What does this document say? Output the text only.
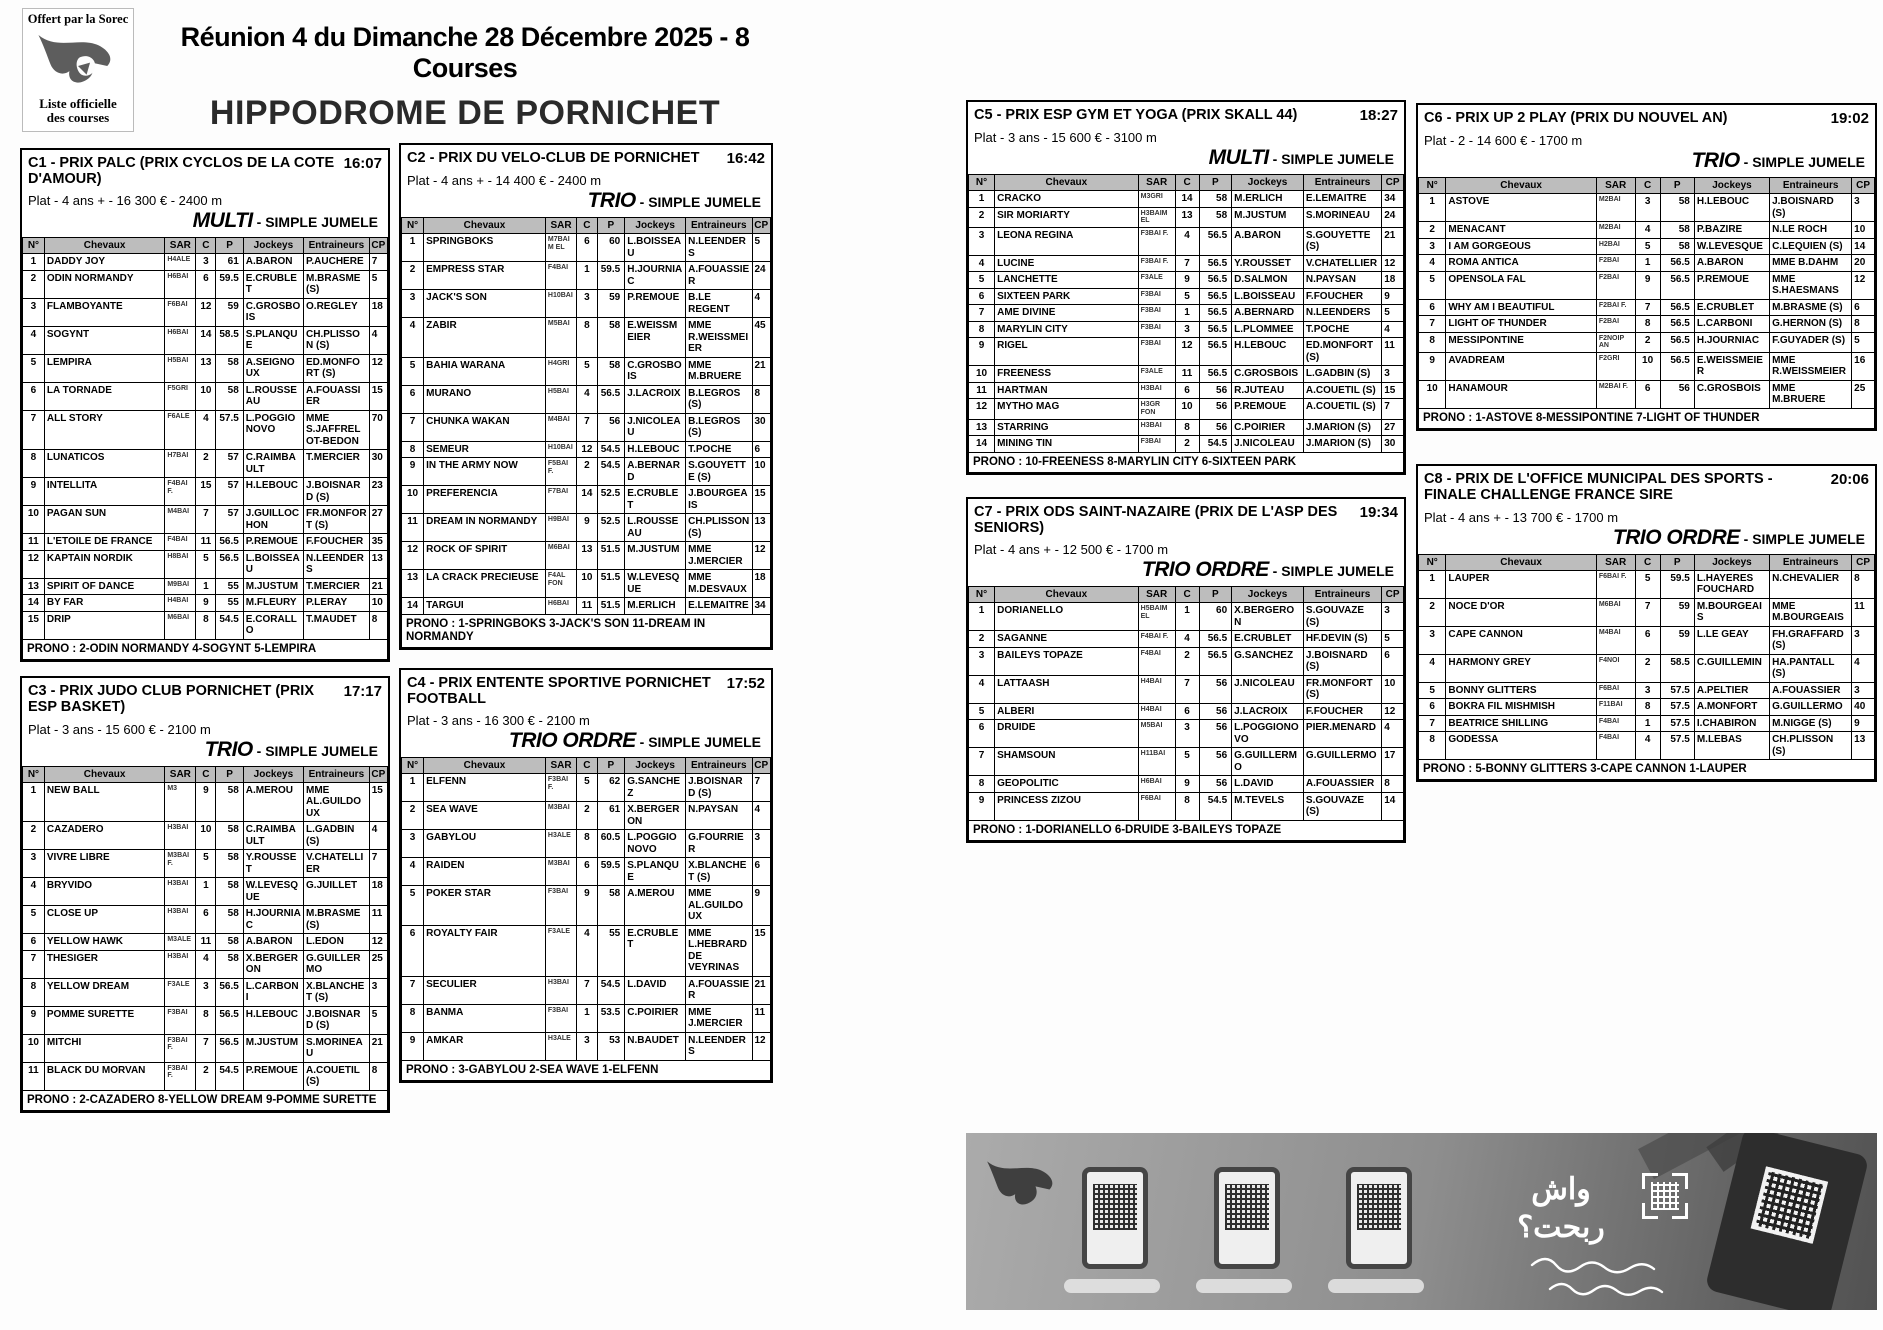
Offert par la Sorec
Liste officielle
des courses
Réunion 4 du Dimanche 28 Décembre 2025 - 8 Courses
HIPPODROME DE PORNICHET
C1 - PRIX PALC (PRIX CYCLOS DE LA COTE D'AMOUR)
16:07
Plat - 4 ans + - 16 300 € - 2400 m
MULTI - SIMPLE JUMELE
N°	Chevaux	SAR	C	P	Jockeys	Entraineurs	CP
1	DADDY JOY	H4ALE	3	61	A.BARON	P.AUCHERE	7
2	ODIN NORMANDY	H6BAI	6	59.5	E.CRUBLET	M.BRASME (S)	5
3	FLAMBOYANTE	F6BAI	12	59	C.GROSBOIS	O.REGLEY	18
4	SOGYNT	H6BAI	14	58.5	S.PLANQUE	CH.PLISSON (S)	4
5	LEMPIRA	H5BAI	13	58	A.SEIGNOUX	ED.MONFORT (S)	12
6	LA TORNADE	F5GRI	10	58	L.ROUSSEAU	A.FOUASSIER	15
7	ALL STORY	F6ALE	4	57.5	L.POGGIONOVO	MME S.JAFFRELOT-BEDON	70
8	LUNATICOS	H7BAI	2	57	C.RAIMBAULT	T.MERCIER	30
9	INTELLITA	F4BAI F.	15	57	H.LEBOUC	J.BOISNARD (S)	23
10	PAGAN SUN	M4BAI	7	57	J.GUILLOCHON	FR.MONFORT (S)	27
11	L'ETOILE DE FRANCE	F4BAI	11	56.5	P.REMOUE	F.FOUCHER	35
12	KAPTAIN NORDIK	H8BAI	5	56.5	L.BOISSEAU	N.LEENDERS	13
13	SPIRIT OF DANCE	M9BAI	1	55	M.JUSTUM	T.MERCIER	21
14	BY FAR	H4BAI	9	55	M.FLEURY	P.LERAY	10
15	DRIP	M6BAI	8	54.5	E.CORALLO	T.MAUDET	8
PRONO : 2-ODIN NORMANDY 4-SOGYNT 5-LEMPIRA							
C3 - PRIX JUDO CLUB PORNICHET (PRIX ESP BASKET)
17:17
Plat - 3 ans - 15 600 € - 2100 m
TRIO - SIMPLE JUMELE
N°	Chevaux	SAR	C	P	Jockeys	Entraineurs	CP
1	NEW BALL	M3	9	58	A.MEROU	MME AL.GUILDOUX	15
2	CAZADERO	H3BAI	10	58	C.RAIMBAULT	L.GADBIN (S)	4
3	VIVRE LIBRE	M3BAI F.	5	58	Y.ROUSSET	V.CHATELLIER	7
4	BRYVIDO	H3BAI	1	58	W.LEVESQUE	G.JUILLET	18
5	CLOSE UP	H3BAI	6	58	H.JOURNIAC	M.BRASME (S)	11
6	YELLOW HAWK	M3ALE	11	58	A.BARON	L.EDON	12
7	THESIGER	H3BAI	4	58	X.BERGERON	G.GUILLERMO	25
8	YELLOW DREAM	F3ALE	3	56.5	L.CARBONI	X.BLANCHET (S)	3
9	POMME SURETTE	F3BAI	8	56.5	H.LEBOUC	J.BOISNARD (S)	5
10	MITCHI	F3BAI F.	7	56.5	M.JUSTUM	S.MORINEAU	21
11	BLACK DU MORVAN	F3BAI F.	2	54.5	P.REMOUE	A.COUETIL (S)	8
PRONO : 2-CAZADERO 8-YELLOW DREAM 9-POMME SURETTE							
C2 - PRIX DU VELO-CLUB DE PORNICHET	16:42
Plat - 4 ans + - 14 400 € - 2400 m
TRIO - SIMPLE JUMELE
N°	Chevaux	SAR	C	P	Jockeys	Entraineurs	CP
1	SPRINGBOKS	M7BAIM EL	6	60	L.BOISSEAU	N.LEENDERS	5
2	EMPRESS STAR	F4BAI	1	59.5	H.JOURNIAC	A.FOUASSIER	24
3	JACK'S SON	H10BAI	3	59	P.REMOUE	B.LE REGENT	4
4	ZABIR	M5BAI	8	58	E.WEISSMEIER	MME R.WEISSMEIER	45
5	BAHIA WARANA	H4GRI	5	58	C.GROSBOIS	MME M.BRUERE	21
6	MURANO	H5BAI	4	56.5	J.LACROIX	B.LEGROS (S)	8
7	CHUNKA WAKAN	M4BAI	7	56	J.NICOLEAU	B.LEGROS (S)	30
8	SEMEUR	H10BAI	12	54.5	H.LEBOUC	T.POCHE	6
9	IN THE ARMY NOW	F5BAI F.	2	54.5	A.BERNARD	S.GOUYETTE (S)	10
10	PREFERENCIA	F7BAI	14	52.5	E.CRUBLET	J.BOURGEAIS	15
11	DREAM IN NORMANDY	H9BAI	9	52.5	L.ROUSSEAU	CH.PLISSON (S)	13
12	ROCK OF SPIRIT	M6BAI	13	51.5	M.JUSTUM	MME J.MERCIER	12
13	LA CRACK PRECIEUSE	F4AL FON	10	51.5	W.LEVESQUE	MME M.DESVAUX	18
14	TARGUI	H6BAI	11	51.5	M.ERLICH	E.LEMAITRE	34
PRONO : 1-SPRINGBOKS 3-JACK'S SON 11-DREAM IN NORMANDY							
C4 - PRIX ENTENTE SPORTIVE PORNICHET FOOTBALL
17:52
Plat - 3 ans - 16 300 € - 2100 m
TRIO ORDRE - SIMPLE JUMELE
N°	Chevaux	SAR	C	P	Jockeys	Entraineurs	CP
1	ELFENN	F3BAI F.	5	62	G.SANCHEZ	J.BOISNARD (S)	7
2	SEA WAVE	M3BAI	2	61	X.BERGERON	N.PAYSAN	4
3	GABYLOU	H3ALE	8	60.5	L.POGGIONOVO	G.FOURRIER	3
4	RAIDEN	M3BAI	6	59.5	S.PLANQUE	X.BLANCHET (S)	6
5	POKER STAR	F3BAI	9	58	A.MEROU	MME AL.GUILDOUX	9
6	ROYALTY FAIR	F3ALE	4	55	E.CRUBLET	MME L.HEBRARD DE VEYRINAS	15
7	SECULIER	H3BAI	7	54.5	L.DAVID	A.FOUASSIER	21
8	BANMA	F3BAI	1	53.5	C.POIRIER	MME J.MERCIER	11
9	AMKAR	H3ALE	3	53	N.BAUDET	N.LEENDERS	12
PRONO : 3-GABYLOU 2-SEA WAVE 1-ELFENN							
C5 - PRIX ESP GYM ET YOGA (PRIX SKALL 44)	18:27
Plat - 3 ans - 15 600 € - 3100 m
MULTI - SIMPLE JUMELE
N°	Chevaux	SAR	C	P	Jockeys	Entraineurs	CP
1	CRACKO	M3GRI	14	58	M.ERLICH	E.LEMAITRE	34
2	SIR MORIARTY	H3BAIM EL	13	58	M.JUSTUM	S.MORINEAU	24
3	LEONA REGINA	F3BAI F.	4	56.5	A.BARON	S.GOUYETTE (S)	21
4	LUCINE	F3BAI F.	7	56.5	Y.ROUSSET	V.CHATELLIER	12
5	LANCHETTE	F3ALE	9	56.5	D.SALMON	N.PAYSAN	18
6	SIXTEEN PARK	F3BAI	5	56.5	L.BOISSEAU	F.FOUCHER	9
7	AME DIVINE	F3BAI	1	56.5	A.BERNARD	N.LEENDERS	5
8	MARYLIN CITY	F3BAI	3	56.5	L.PLOMMEE	T.POCHE	4
9	RIGEL	F3BAI	12	56.5	H.LEBOUC	ED.MONFORT (S)	11
10	FREENESS	F3ALE	11	56.5	C.GROSBOIS	L.GADBIN (S)	3
11	HARTMAN	H3BAI	6	56	R.JUTEAU	A.COUETIL (S)	15
12	MYTHO MAG	H3GR FON	10	56	P.REMOUE	A.COUETIL (S)	7
13	STARRING	H3BAI	8	56	C.POIRIER	J.MARION (S)	27
14	MINING TIN	F3BAI	2	54.5	J.NICOLEAU	J.MARION (S)	30
PRONO : 10-FREENESS 8-MARYLIN CITY 6-SIXTEEN PARK							
C7 - PRIX ODS SAINT-NAZAIRE (PRIX DE L'ASP DES SENIORS)
19:34
Plat - 4 ans + - 12 500 € - 1700 m
TRIO ORDRE - SIMPLE JUMELE
N°	Chevaux	SAR	C	P	Jockeys	Entraineurs	CP
1	DORIANELLO	H5BAIM EL	1	60	X.BERGERON	S.GOUVAZE (S)	3
2	SAGANNE	F4BAI F.	4	56.5	E.CRUBLET	HF.DEVIN (S)	5
3	BAILEYS TOPAZE	F4BAI	2	56.5	G.SANCHEZ	J.BOISNARD (S)	6
4	LATTAASH	H4BAI	7	56	J.NICOLEAU	FR.MONFORT (S)	10
5	ALBERI	H4BAI	6	56	J.LACROIX	F.FOUCHER	12
6	DRUIDE	M5BAI	3	56	L.POGGIONOVO	PIER.MENARD	4
7	SHAMSOUN	H11BAI	5	56	G.GUILLERMO	G.GUILLERMO	17
8	GEOPOLITIC	H6BAI	9	56	L.DAVID	A.FOUASSIER	8
9	PRINCESS ZIZOU	F6BAI	8	54.5	M.TEVELS	S.GOUVAZE (S)	14
PRONO : 1-DORIANELLO 6-DRUIDE 3-BAILEYS TOPAZE							
C6 - PRIX UP 2 PLAY (PRIX DU NOUVEL AN)	19:02
Plat - 2 - 14 600 € - 1700 m
TRIO - SIMPLE JUMELE
N°	Chevaux	SAR	C	P	Jockeys	Entraineurs	CP
1	ASTOVE	M2BAI	3	58	H.LEBOUC	J.BOISNARD (S)	3
2	MENACANT	M2BAI	4	58	P.BAZIRE	N.LE ROCH	10
3	I AM GORGEOUS	H2BAI	5	58	W.LEVESQUE	C.LEQUIEN (S)	14
4	ROMA ANTICA	F2BAI	1	56.5	A.BARON	MME B.DAHM	20
5	OPENSOLA FAL	F2BAI	9	56.5	P.REMOUE	MME S.HAESMANS	12
6	WHY AM I BEAUTIFUL	F2BAI F.	7	56.5	E.CRUBLET	M.BRASME (S)	6
7	LIGHT OF THUNDER	F2BAI	8	56.5	L.CARBONI	G.HERNON (S)	8
8	MESSIPONTINE	F2NOIP AN	2	56.5	H.JOURNIAC	F.GUYADER (S)	5
9	AVADREAM	F2GRI	10	56.5	E.WEISSMEIER	MME R.WEISSMEIER	16
10	HANAMOUR	M2BAI F.	6	56	C.GROSBOIS	MME M.BRUERE	25
PRONO : 1-ASTOVE 8-MESSIPONTINE 7-LIGHT OF THUNDER							
C8 - PRIX DE L'OFFICE MUNICIPAL DES SPORTS - FINALE CHALLENGE FRANCE SIRE
20:06
Plat - 4 ans + - 13 700 € - 1700 m
TRIO ORDRE - SIMPLE JUMELE
N°	Chevaux	SAR	C	P	Jockeys	Entraineurs	CP
1	LAUPER	F6BAI F.	5	59.5	L.HAYERES FOUCHARD	N.CHEVALIER	8
2	NOCE D'OR	M6BAI	7	59	M.BOURGEAIS	MME M.BOURGEAIS	11
3	CAPE CANNON	M4BAI	6	59	L.LE GEAY	FH.GRAFFARD (S)	3
4	HARMONY GREY	F4NOI	2	58.5	C.GUILLEMIN	HA.PANTALL (S)	4
5	BONNY GLITTERS	F6BAI	3	57.5	A.PELTIER	A.FOUASSIER	3
6	BOKRA FIL MISHMISH	F11BAI	8	57.5	A.MONFORT	G.GUILLERMO	40
7	BEATRICE SHILLING	F4BAI	1	57.5	I.CHABIRON	M.NIGGE (S)	9
8	GODESSA	F4BAI	4	57.5	M.LEBAS	CH.PLISSON (S)	13
PRONO : 5-BONNY GLITTERS 3-CAPE CANNON 1-LAUPER							
واش ربحت؟
